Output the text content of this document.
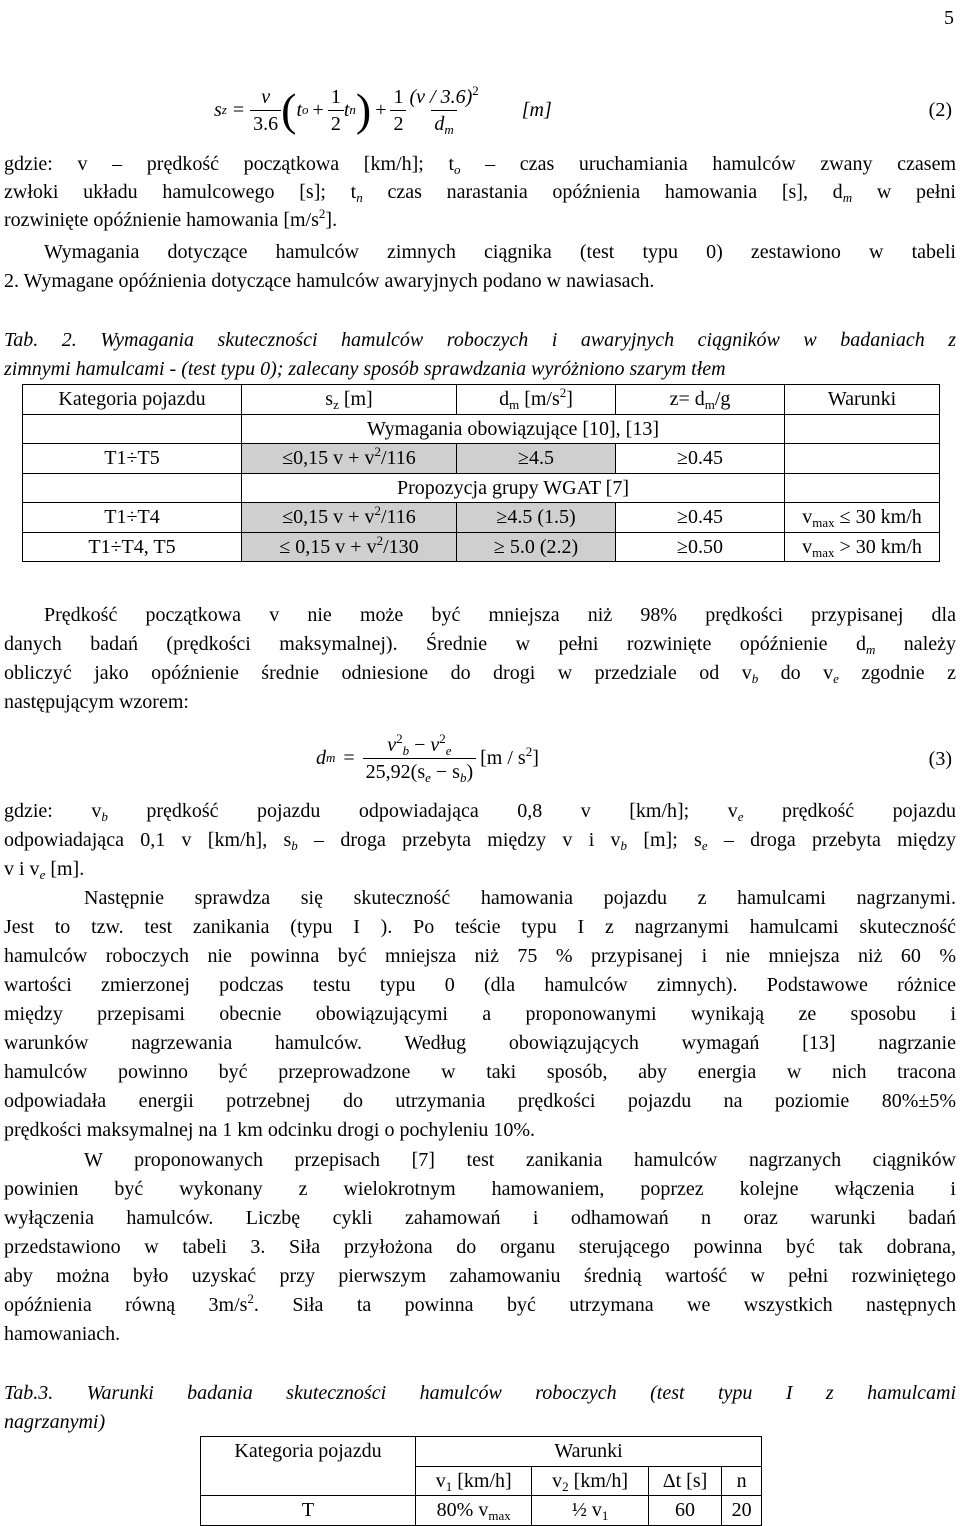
5
s $z = \frac{v}{3.6}$ ( t $o + \frac{1}{2}$ t n ) + $\frac{1}{2} \frac{(v / 3.6)^2}{d_m} [m]$	(2)
gdzie: v – prędkość początkowa [km/h]; $t_o$ – czas uruchamiania hamulców zwany czasem
zwłoki układu hamulcowego [s]; $t_n$ czas narastania opóźnienia hamowania [s], $d_m$ w pełni
rozwinięte opóźnienie hamowania $[m/s^2]$.
Wymagania dotyczące hamulców zimnych ciągnika (test typu 0) zestawiono w tabeli
2. Wymagane opóźnienia dotyczące hamulców awaryjnych podano w nawiasach.
Tab. 2. Wymagania skuteczności hamulców roboczych i awaryjnych ciągników w badaniach z
zimnymi hamulcami - (test typu 0); zalecany sposób sprawdzania wyróżniono szarym tłem
Kategoria pojazdu	$s_z$ [m]	$d_m$ $[m/s^2]$	$z= d_m/g$	Warunki
	Wymagania obowiązujące [10], [13]			
T1÷T5	≤0,15 $v + v^2/116$	≥4.5	≥0.45	
	Propozycja grupy WGAT [7]			
T1÷T4	≤0,15 $v + v^2/116$	≥4.5 (1.5)	≥0.45	$v_{max} \le 30$ km/h
T1÷T4, T5	≤ 0,15 $v + v^2/130$	≥ 5.0 (2.2)	≥0.50	$v_{max} > 30$ km/h
Prędkość początkowa v nie może być mniejsza niż 98% prędkości przypisanej dla
danych badań (prędkości maksymalnej). Średnie w pełni rozwinięte opóźnienie $d_m$ należy
obliczyć jako opóźnienie średnie odniesione do drogi w przedziale od $v_b$ do $v_e$ zgodnie z
następującym wzorem:
d $m = \frac{v^2_b - v^2_e}{25,92(s_e - s_b)} [m / s^2]$	(3)
gdzie: $v_b$ prędkość pojazdu odpowiadająca 0,8 v [km/h]; $v_e$ prędkość pojazdu
odpowiadająca 0,1 v [km/h], $s_b$ – droga przebyta między v i $v_b$ [m]; $s_e$ – droga przebyta między
v i $v_e$ [m].
Następnie sprawdza się skuteczność hamowania pojazdu z hamulcami nagrzanymi.
Jest to tzw. test zanikania (typu I ). Po teście typu I z nagrzanymi hamulcami skuteczność
hamulców roboczych nie powinna być mniejsza niż 75 % przypisanej i nie mniejsza niż 60 %
wartości zmierzonej podczas testu typu 0 (dla hamulców zimnych). Podstawowe różnice
między przepisami obecnie obowiązującymi a proponowanymi wynikają ze sposobu i
warunków nagrzewania hamulców. Według obowiązujących wymagań [13] nagrzanie
hamulców powinno być przeprowadzone w taki sposób, aby energia w nich tracona
odpowiadała energii potrzebnej do utrzymania prędkości pojazdu na poziomie 80%±5%
prędkości maksymalnej na 1 km odcinku drogi o pochyleniu 10%.
W proponowanych przepisach [7] test zanikania hamulców nagrzanych ciągników
powinien być wykonany z wielokrotnym hamowaniem, poprzez kolejne włączenia i
wyłączenia hamulców. Liczbę cykli zahamowań i odhamowań n oraz warunki badań
przedstawiono w tabeli 3. Siła przyłożona do organu sterującego powinna być tak dobrana,
aby można było uzyskać przy pierwszym zahamowaniu średnią wartość w pełni rozwiniętego
opóźnienia równą $3m/s^2$. Siła ta powinna być utrzymana we wszystkich następnych
hamowaniach.
Tab.3. Warunki badania skuteczności hamulców roboczych (test typu I z hamulcami
nagrzanymi)
Kategoria pojazdu	Warunki			
	$v_1$ [km/h]	$v_2$ [km/h]	Δt [s]	n
T	80% $v_{max}$	½ $v_1$	60	20
